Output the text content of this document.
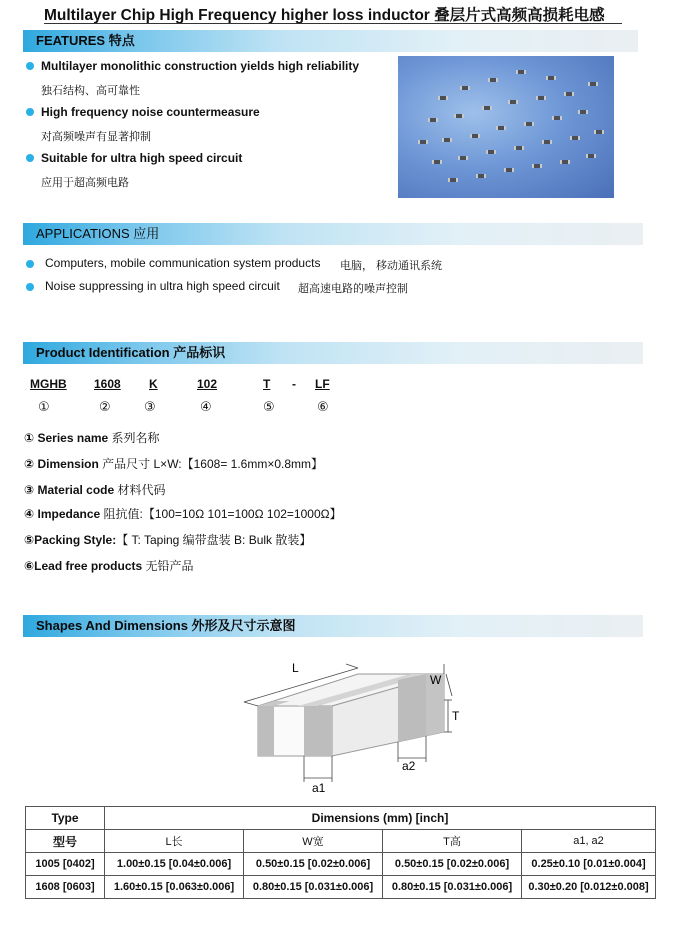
Multilayer Chip High Frequency higher loss inductor 叠层片式高频高损耗电感
FEATURES 特点
Multilayer monolithic construction yields high reliability
独石结构、高可靠性
High frequency noise countermeasure
对高频噪声有显著抑制
Suitable for ultra high speed circuit
应用于超高频电路
APPLICATIONS 应用
Computers, mobile communication system products 电脑， 移动通讯系统
Noise suppressing in ultra high speed circuit 超高速电路的噪声控制
Product Identification 产品标识
MGHB 1608 K	102	T - LF
①	②	③	④	⑤	⑥
① Series name 系列名称
② Dimension 产品尺寸 L×W:【1608= 1.6mm×0.8mm】
③ Material code 材料代码
④ Impedance 阻抗值:【100=10Ω 101=100Ω 102=1000Ω】
⑤Packing Style:【 T: Taping 编带盘装 B: Bulk 散装】
⑥Lead free products 无铅产品
Shapes And Dimensions 外形及尺寸示意图
L
W
T
a2
a1
Type	Dimensions (mm) [inch]			
型号	L长	W宽	T高	a1, a2
1005 [0402]	1.00±0.15 [0.04±0.006]	0.50±0.15 [0.02±0.006]	0.50±0.15 [0.02±0.006]	0.25±0.10 [0.01±0.004]
1608 [0603]	1.60±0.15 [0.063±0.006]	0.80±0.15 [0.031±0.006]	0.80±0.15 [0.031±0.006]	0.30±0.20 [0.012±0.008]
